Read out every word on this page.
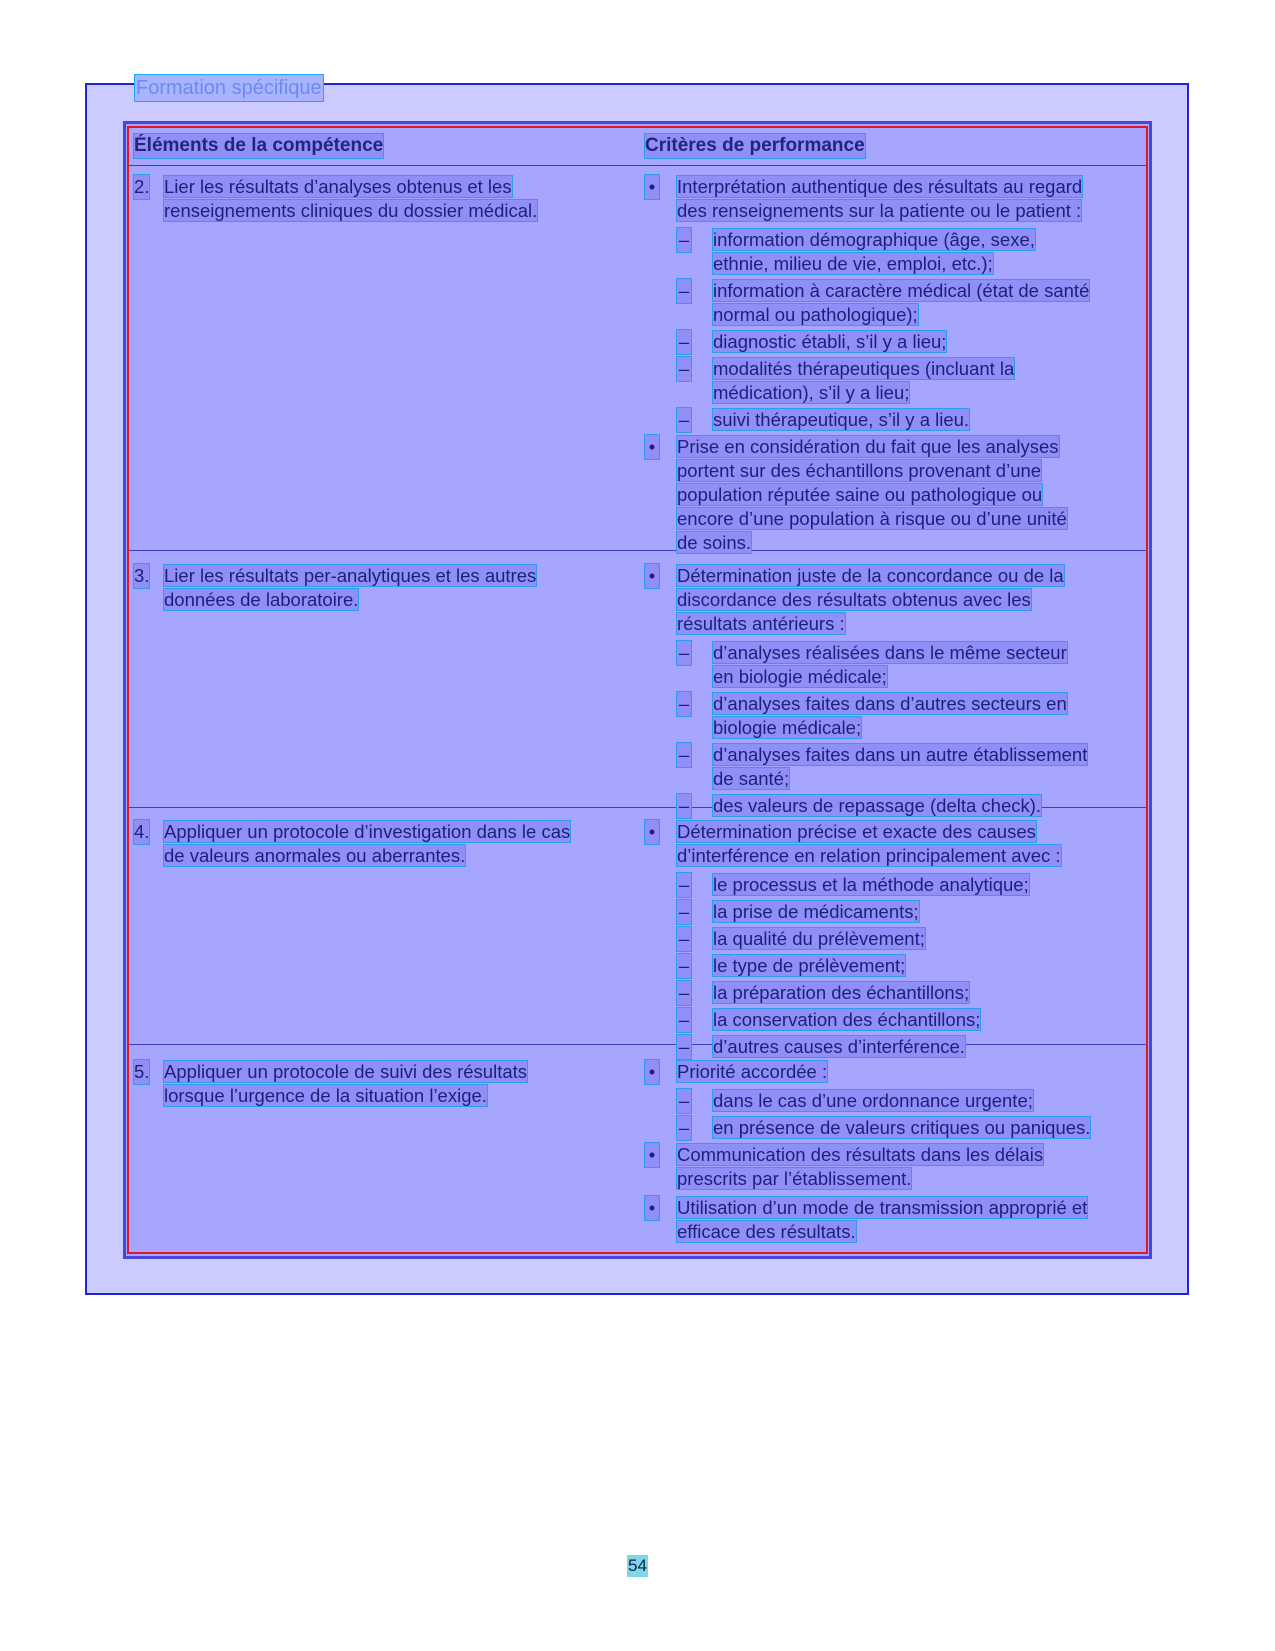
Formation spécifique
Éléments de la compétence	Critères de performance
2. Lier les résultats d’analyses obtenus et les
renseignements cliniques du dossier médical.
• Interprétation authentique des résultats au regard
des renseignements sur la patiente ou le patient :
– information démographique (âge, sexe,
ethnie, milieu de vie, emploi, etc.);
– information à caractère médical (état de santé
normal ou pathologique);
– diagnostic établi, s’il y a lieu;
– modalités thérapeutiques (incluant la
médication), s’il y a lieu;
– suivi thérapeutique, s’il y a lieu.
• Prise en considération du fait que les analyses
portent sur des échantillons provenant d’une
population réputée saine ou pathologique ou
encore d’une population à risque ou d’une unité
de soins.
3. Lier les résultats per-analytiques et les autres
données de laboratoire.
• Détermination juste de la concordance ou de la
discordance des résultats obtenus avec les
résultats antérieurs :
– d’analyses réalisées dans le même secteur
en biologie médicale;
– d’analyses faites dans d’autres secteurs en
biologie médicale;
– d’analyses faites dans un autre établissement
de santé;
– des valeurs de repassage (delta check).
4. Appliquer un protocole d’investigation dans le cas
de valeurs anormales ou aberrantes.
• Détermination précise et exacte des causes
d’interférence en relation principalement avec :
– le processus et la méthode analytique;
– la prise de médicaments;
– la qualité du prélèvement;
– le type de prélèvement;
– la préparation des échantillons;
– la conservation des échantillons;
– d’autres causes d’interférence.
5. Appliquer un protocole de suivi des résultats
lorsque l’urgence de la situation l’exige.
• Priorité accordée :
– dans le cas d’une ordonnance urgente;
– en présence de valeurs critiques ou paniques.
• Communication des résultats dans les délais
prescrits par l’établissement.
• Utilisation d’un mode de transmission approprié et
efficace des résultats.
54
